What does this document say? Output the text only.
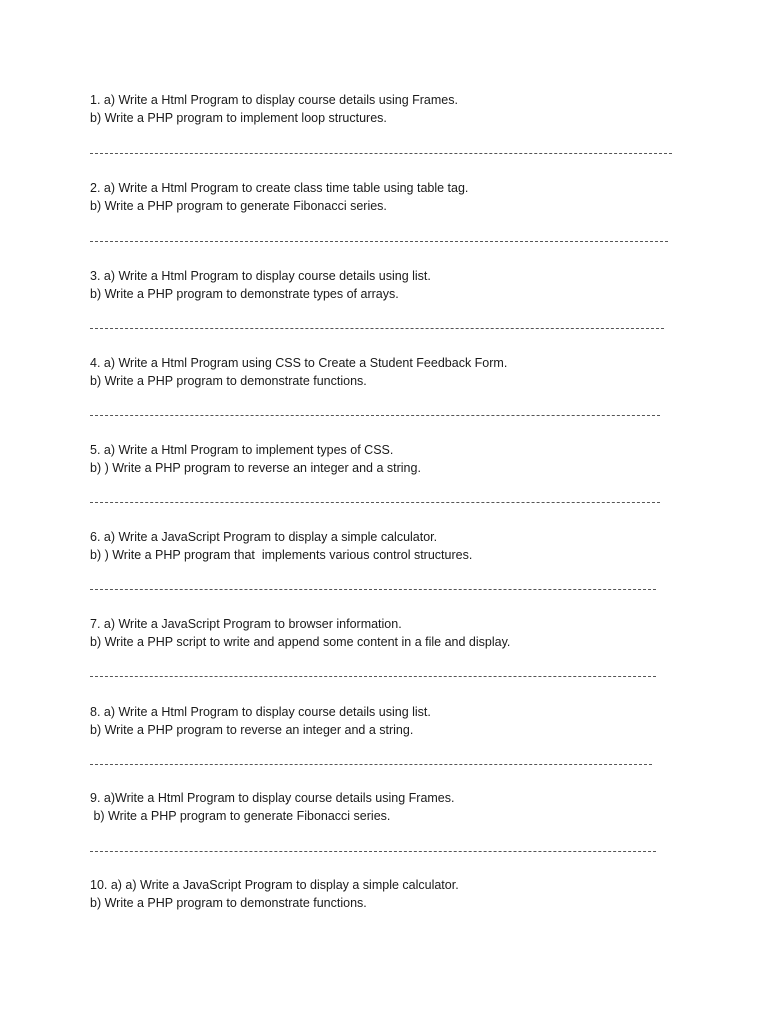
1. a) Write a Html Program to display course details using Frames.
b) Write a PHP program to implement loop structures.
2. a) Write a Html Program to create class time table using table tag.
b) Write a PHP program to generate Fibonacci series.
3. a) Write a Html Program to display course details using list.
b) Write a PHP program to demonstrate types of arrays.
4. a) Write a Html Program using CSS to Create a Student Feedback Form.
b) Write a PHP program to demonstrate functions.
5. a) Write a Html Program to implement types of CSS.
b) ) Write a PHP program to reverse an integer and a string.
6. a) Write a JavaScript Program to display a simple calculator.
b) ) Write a PHP program that  implements various control structures.
7. a) Write a JavaScript Program to browser information.
b) Write a PHP script to write and append some content in a file and display.
8. a) Write a Html Program to display course details using list.
b) Write a PHP program to reverse an integer and a string.
9. a)Write a Html Program to display course details using Frames.
b) Write a PHP program to generate Fibonacci series.
10. a) a) Write a JavaScript Program to display a simple calculator.
b) Write a PHP program to demonstrate functions.
